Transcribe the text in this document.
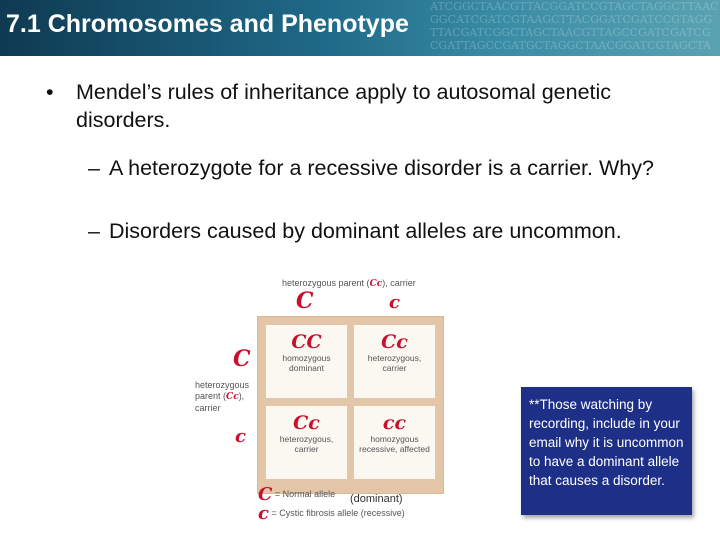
ATCGGCTAACGTTACGGATCCGTAGCTAGGCTTAAC
GGCATCGATCGTAAGCTTACGGATCGATCCGTAGG
TTACGATCGGCTAGCTAACGTTAGCCGATCGATCG
CGATTAGCCGATGCTAGGCTAACGGATCGTAGCTA
7.1 Chromosomes and Phenotype
• Mendel’s rules of inheritance apply to autosomal genetic disorders.
– A heterozygote for a recessive disorder is a carrier. Why?
– Disorders caused by dominant alleles are uncommon.
heterozygous parent (Cc), carrier
C	c
C
heterozygous
parent (Cc),
carrier
c
CC
homozygous
dominant
Cc
heterozygous,
carrier
Cc
heterozygous,
carrier
cc
homozygous
recessive, affected
C = Normal allele
c = Cystic fibrosis allele (recessive)
(dominant)
**Those watching by recording, include in your email why it is uncommon to have a dominant allele that causes a disorder.
